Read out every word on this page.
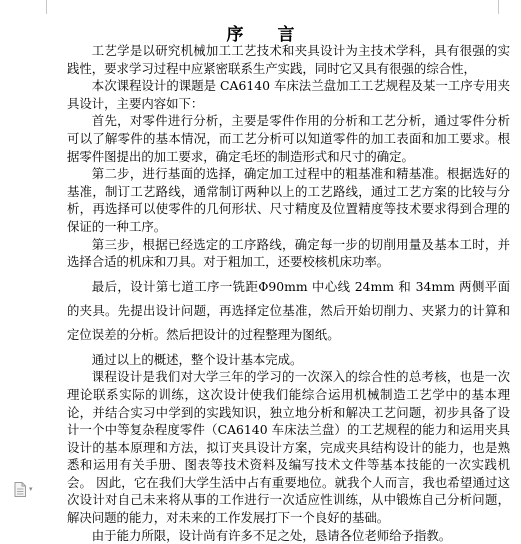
序 言

工艺学是以研究机械加工工艺技术和夹具设计为主技术学科，具有很强的实践性，要求学习过程中应紧密联系生产实践，同时它又具有很强的综合性，

本次课程设计的课题是 CA6140 车床法兰盘加工工艺规程及某一工序专用夹具设计，主要内容如下：

首先，对零件进行分析，主要是零件作用的分析和工艺分析，通过零件分析可以了解零件的基本情况，而工艺分析可以知道零件的加工表面和加工要求。根据零件图提出的加工要求，确定毛坯的制造形式和尺寸的确定。

第二步，进行基面的选择，确定加工过程中的粗基准和精基准。根据选好的基准，制订工艺路线，通常制订两种以上的工艺路线，通过工艺方案的比较与分析，再选择可以使零件的几何形状、尺寸精度及位置精度等技术要求得到合理的保证的一种工序。

第三步，根据已经选定的工序路线，确定每一步的切削用量及基本工时，并选择合适的机床和刀具。对于粗加工，还要校核机床功率。

最后，设计第七道工序一铣距Φ90mm 中心线 24mm 和 34mm 两侧平面的夹具。先提出设计问题，再选择定位基准，然后开始切削力、夹紧力的计算和定位误差的分析。然后把设计的过程整理为图纸。

通过以上的概述，整个设计基本完成。

课程设计是我们对大学三年的学习的一次深入的综合性的总考核，也是一次理论联系实际的训练，这次设计使我们能综合运用机械制造工艺学中的基本理论，并结合实习中学到的实践知识，独立地分析和解决工艺问题，初步具备了设计一个中等复杂程度零件（CA6140 车床法兰盘）的工艺规程的能力和运用夹具设计的基本原理和方法，拟订夹具设计方案，完成夹具结构设计的能力，也是熟悉和运用有关手册、图表等技术资料及编写技术文件等基本技能的一次实践机会。 因此，它在我们大学生活中占有重要地位。就我个人而言，我也希望通过这次设计对自己未来将从事的工作进行一次适应性训练，从中锻炼自己分析问题，解决问题的能力，对未来的工作发展打下一个良好的基础。

由于能力所限，设计尚有许多不足之处，恳请各位老师给予指教。

▾
